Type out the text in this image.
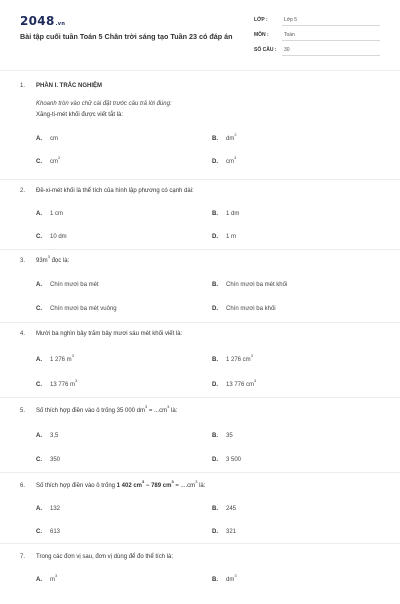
2048.vn
Bài tập cuối tuần Toán 5 Chân trời sáng tạo Tuần 23 có đáp án
LỚP :	Lớp 5
MÔN :	Toán
SỐ CÂU : 30
1. PHẦN I. TRẮC NGHIỆM
Khoanh tròn vào chữ cái đặt trước câu trả lời đúng:
Xăng-ti-mét khối được viết tắt là:
A. cm	B. $dm^2$
C. $cm^2$
D. $cm^3$
2. Đề-xi-mét khối là thể tích của hình lập phương có cạnh dài:
A. 1 cm	B. 1 dm
C. 10 dm	D. 1 m
3. $93m^3$ đọc là:
A. Chín mươi ba mét	B. Chín mươi ba mét khối
C. Chín mươi ba mét vuông	D. Chín mươi ba khối
4. Mười ba nghìn bảy trăm bảy mươi sáu mét khối viết là:
A. 1 276 $m^3$
B. 1 276 $cm^3$
C. 13 776 $m^3$
D. 13 776 $cm^3$
5. Số thích hợp điền vào ô trống 35 000 $dm^3 = ...cm^3$ là:
A. 3,5	B. 35
C. 350	D. 3 500
6. Số thích hợp điền vào ô trống 1 402 $cm^3 - 789$ $cm^3 = ....cm^3$ là:
A. 132	B. 245
C. 613	D. 321
7. Trong các đơn vị sau, đơn vị dùng để đo thể tích là:
A. $m^3$
B. $dm^3$
